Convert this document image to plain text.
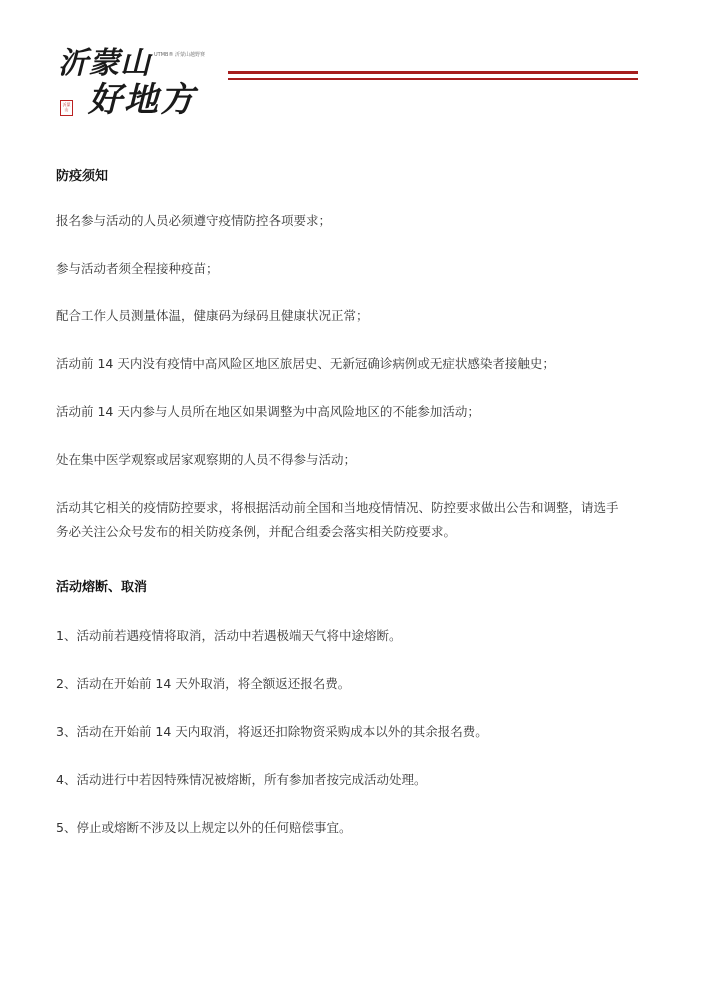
沂蒙山 UTMB® 沂蒙山越野赛
好地方
沂蒙山

防疫须知

报名参与活动的人员必须遵守疫情防控各项要求；

参与活动者须全程接种疫苗；

配合工作人员测量体温，健康码为绿码且健康状况正常；

活动前 14 天内没有疫情中高风险区地区旅居史、无新冠确诊病例或无症状感染者接触史；

活动前 14 天内参与人员所在地区如果调整为中高风险地区的不能参加活动；

处在集中医学观察或居家观察期的人员不得参与活动；

活动其它相关的疫情防控要求，将根据活动前全国和当地疫情情况、防控要求做出公告和调整，请选手

务必关注公众号发布的相关防疫条例，并配合组委会落实相关防疫要求。

活动熔断、取消

1、活动前若遇疫情将取消，活动中若遇极端天气将中途熔断。

2、活动在开始前 14 天外取消，将全额返还报名费。

3、活动在开始前 14 天内取消，将返还扣除物资采购成本以外的其余报名费。

4、活动进行中若因特殊情况被熔断，所有参加者按完成活动处理。

5、停止或熔断不涉及以上规定以外的任何赔偿事宜。
